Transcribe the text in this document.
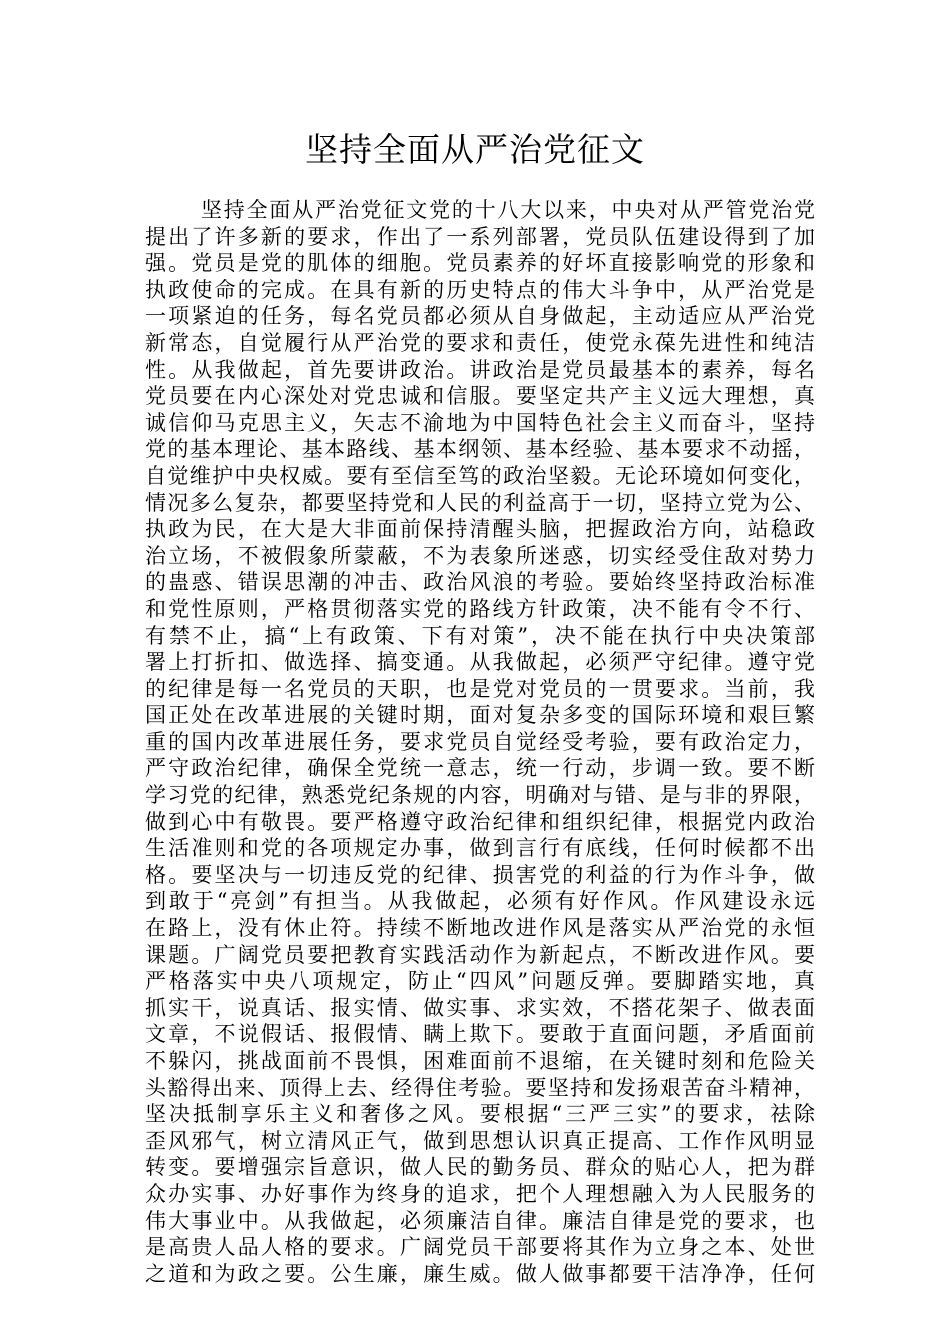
坚持全面从严治党征文
坚持全面从严治党征文党的十八大以来，中央对从严管党治党
提出了许多新的要求，作出了一系列部署，党员队伍建设得到了加
强。党员是党的肌体的细胞。党员素养的好坏直接影响党的形象和
执政使命的完成。在具有新的历史特点的伟大斗争中，从严治党是
一项紧迫的任务，每名党员都必须从自身做起，主动适应从严治党
新常态，自觉履行从严治党的要求和责任，使党永葆先进性和纯洁
性。从我做起，首先要讲政治。讲政治是党员最基本的素养，每名
党员要在内心深处对党忠诚和信服。要坚定共产主义远大理想，真
诚信仰马克思主义，矢志不渝地为中国特色社会主义而奋斗，坚持
党的基本理论、基本路线、基本纲领、基本经验、基本要求不动摇，
自觉维护中央权威。要有至信至笃的政治坚毅。无论环境如何变化，
情况多么复杂，都要坚持党和人民的利益高于一切，坚持立党为公、
执政为民，在大是大非面前保持清醒头脑，把握政治方向，站稳政
治立场，不被假象所蒙蔽，不为表象所迷惑，切实经受住敌对势力
的蛊惑、错误思潮的冲击、政治风浪的考验。要始终坚持政治标准
和党性原则，严格贯彻落实党的路线方针政策，决不能有令不行、
有禁不止，搞“上有政策、下有对策”，决不能在执行中央决策部
署上打折扣、做选择、搞变通。从我做起，必须严守纪律。遵守党
的纪律是每一名党员的天职，也是党对党员的一贯要求。当前，我
国正处在改革进展的关键时期，面对复杂多变的国际环境和艰巨繁
重的国内改革进展任务，要求党员自觉经受考验，要有政治定力，
严守政治纪律，确保全党统一意志，统一行动，步调一致。要不断
学习党的纪律，熟悉党纪条规的内容，明确对与错、是与非的界限，
做到心中有敬畏。要严格遵守政治纪律和组织纪律，根据党内政治
生活准则和党的各项规定办事，做到言行有底线，任何时候都不出
格。要坚决与一切违反党的纪律、损害党的利益的行为作斗争，做
到敢于“亮剑”有担当。从我做起，必须有好作风。作风建设永远
在路上，没有休止符。持续不断地改进作风是落实从严治党的永恒
课题。广阔党员要把教育实践活动作为新起点，不断改进作风。要
严格落实中央八项规定，防止“四风”问题反弹。要脚踏实地，真
抓实干，说真话、报实情、做实事、求实效，不搭花架子、做表面
文章，不说假话、报假情、瞒上欺下。要敢于直面问题，矛盾面前
不躲闪，挑战面前不畏惧，困难面前不退缩，在关键时刻和危险关
头豁得出来、顶得上去、经得住考验。要坚持和发扬艰苦奋斗精神，
坚决抵制享乐主义和奢侈之风。要根据“三严三实”的要求，祛除
歪风邪气，树立清风正气，做到思想认识真正提高、工作作风明显
转变。要增强宗旨意识，做人民的勤务员、群众的贴心人，把为群
众办实事、办好事作为终身的追求，把个人理想融入为人民服务的
伟大事业中。从我做起，必须廉洁自律。廉洁自律是党的要求，也
是高贵人品人格的要求。广阔党员干部要将其作为立身之本、处世
之道和为政之要。公生廉，廉生威。做人做事都要干洁净净，任何
